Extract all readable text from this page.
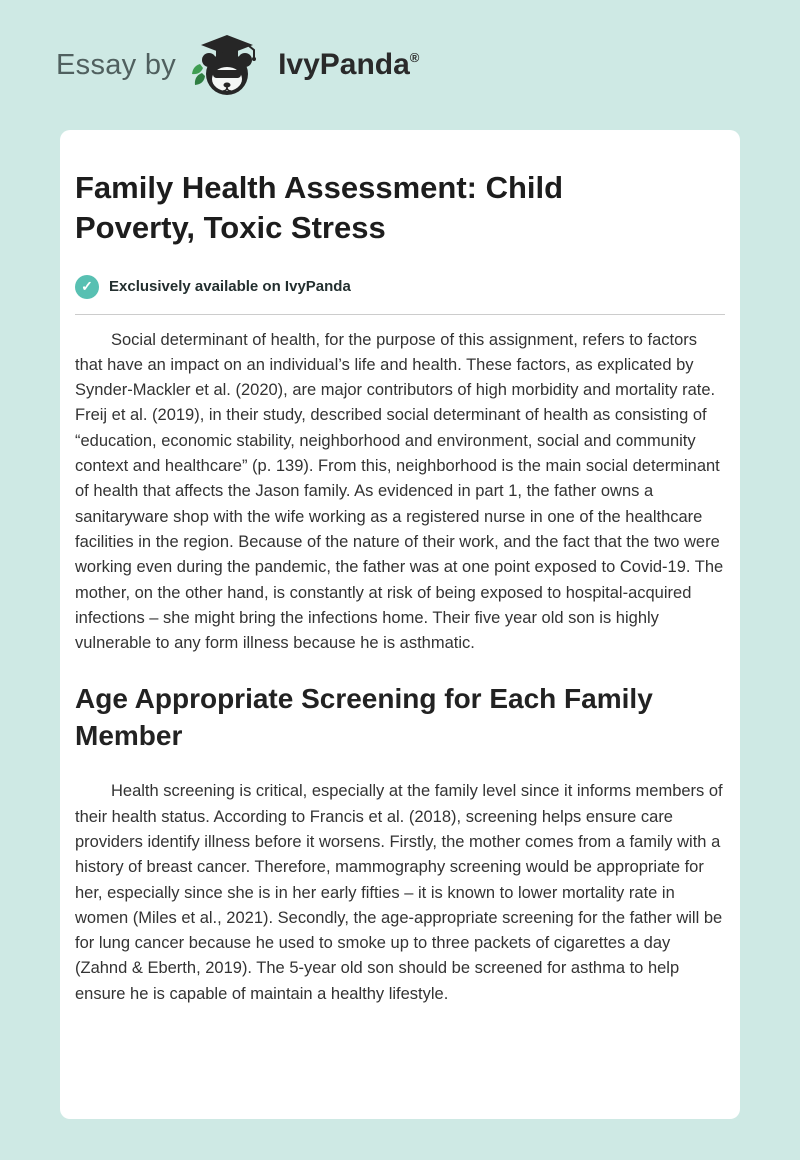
Essay by	IvyPanda®
Family Health Assessment: Child Poverty, Toxic Stress
✓	Exclusively available on IvyPanda

Social determinant of health, for the purpose of this assignment, refers to factors that have an impact on an individual’s life and health. These factors, as explicated by Synder-Mackler et al. (2020), are major contributors of high morbidity and mortality rate. Freij et al. (2019), in their study, described social determinant of health as consisting of “education, economic stability, neighborhood and environment, social and community context and healthcare” (p. 139). From this, neighborhood is the main social determinant of health that affects the Jason family. As evidenced in part 1, the father owns a sanitaryware shop with the wife working as a registered nurse in one of the healthcare facilities in the region. Because of the nature of their work, and the fact that the two were working even during the pandemic, the father was at one point exposed to Covid-19. The mother, on the other hand, is constantly at risk of being exposed to hospital-acquired infections – she might bring the infections home. Their five year old son is highly vulnerable to any form illness because he is asthmatic.

Age Appropriate Screening for Each Family Member

Health screening is critical, especially at the family level since it informs members of their health status. According to Francis et al. (2018), screening helps ensure care providers identify illness before it worsens. Firstly, the mother comes from a family with a history of breast cancer. Therefore, mammography screening would be appropriate for her, especially since she is in her early fifties – it is known to lower mortality rate in women (Miles et al., 2021). Secondly, the age-appropriate screening for the father will be for lung cancer because he used to smoke up to three packets of cigarettes a day (Zahnd & Eberth, 2019). The 5-year old son should be screened for asthma to help ensure he is capable of maintain a healthy lifestyle.
